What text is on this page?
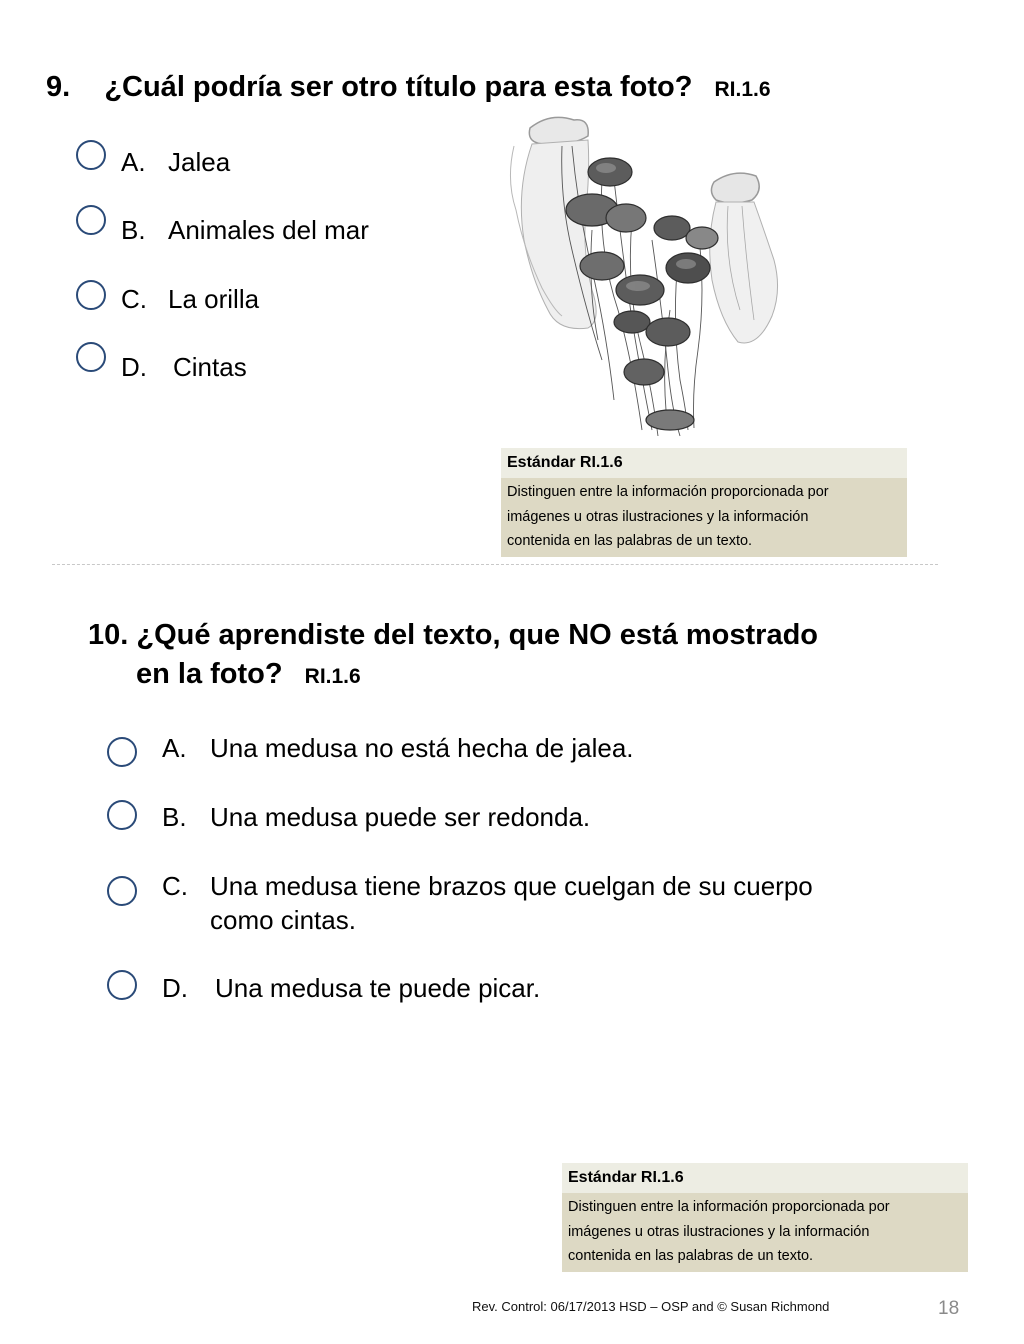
9. ¿Cuál podría ser otro título para esta foto? RI.1.6
A. Jalea
B. Animales del mar
C. La orilla
D. Cintas
Estándar RI.1.6
Distinguen entre la información proporcionada por
imágenes u otras ilustraciones y la información
contenida en las palabras de un texto.
10. ¿Qué aprendiste del texto, que NO está mostrado
en la foto? RI.1.6
A. Una medusa no está hecha de jalea.
B. Una medusa puede ser redonda.
C. Una medusa tiene brazos que cuelgan de su cuerpo
como cintas.
D. Una medusa te puede picar.
Estándar RI.1.6
Distinguen entre la información proporcionada por
imágenes u otras ilustraciones y la información
contenida en las palabras de un texto.
Rev. Control: 06/17/2013 HSD – OSP and © Susan Richmond	18
